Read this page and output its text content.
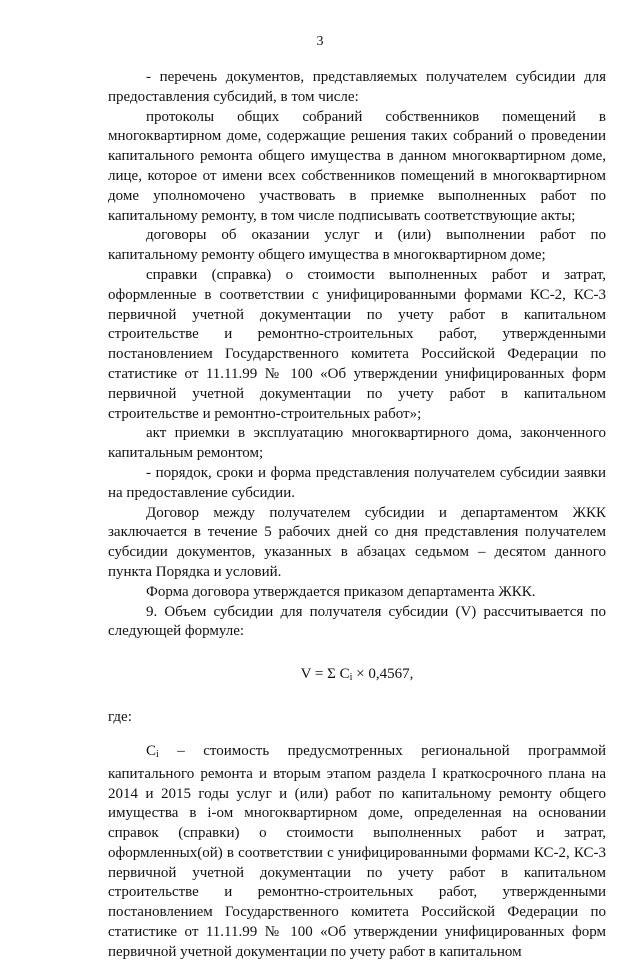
3

- перечень документов, представляемых получателем субсидии для предоставления субсидий, в том числе:

протоколы общих собраний собственников помещений в многоквартирном доме, содержащие решения таких собраний о проведении капитального ремонта общего имущества в данном многоквартирном доме, лице, которое от имени всех собственников помещений в многоквартирном доме уполномочено участвовать в приемке выполненных работ по капитальному ремонту, в том числе подписывать соответствующие акты;

договоры об оказании услуг и (или) выполнении работ по капитальному ремонту общего имущества в многоквартирном доме;

справки (справка) о стоимости выполненных работ и затрат, оформленные в соответствии с унифицированными формами КС-2, КС-3 первичной учетной документации по учету работ в капитальном строительстве и ремонтно-строительных работ, утвержденными постановлением Государственного комитета Российской Федерации по статистике от 11.11.99 № 100 «Об утверждении унифицированных форм первичной учетной документации по учету работ в капитальном строительстве и ремонтно-строительных работ»;

акт приемки в эксплуатацию многоквартирного дома, законченного капитальным ремонтом;

- порядок, сроки и форма представления получателем субсидии заявки на предоставление субсидии.

Договор между получателем субсидии и департаментом ЖКК заключается в течение 5 рабочих дней со дня представления получателем субсидии документов, указанных в абзацах седьмом – десятом данного пункта Порядка и условий.

Форма договора утверждается приказом департамента ЖКК.

9. Объем субсидии для получателя субсидии (V) рассчитывается по следующей формуле:

V = Σ $C_i \times 0,4567$,

где:

$C_i$ – стоимость предусмотренных региональной программой капитального ремонта и вторым этапом раздела I краткосрочного плана на 2014 и 2015 годы услуг и (или) работ по капитальному ремонту общего имущества в i-ом многоквартирном доме, определенная на основании справок (справки) о стоимости выполненных работ и затрат, оформленных(ой) в соответствии с унифицированными формами КС-2, КС-3 первичной учетной документации по учету работ в капитальном строительстве и ремонтно-строительных работ, утвержденными постановлением Государственного комитета Российской Федерации по статистике от 11.11.99 № 100 «Об утверждении унифицированных форм первичной учетной документации по учету работ в капитальном
